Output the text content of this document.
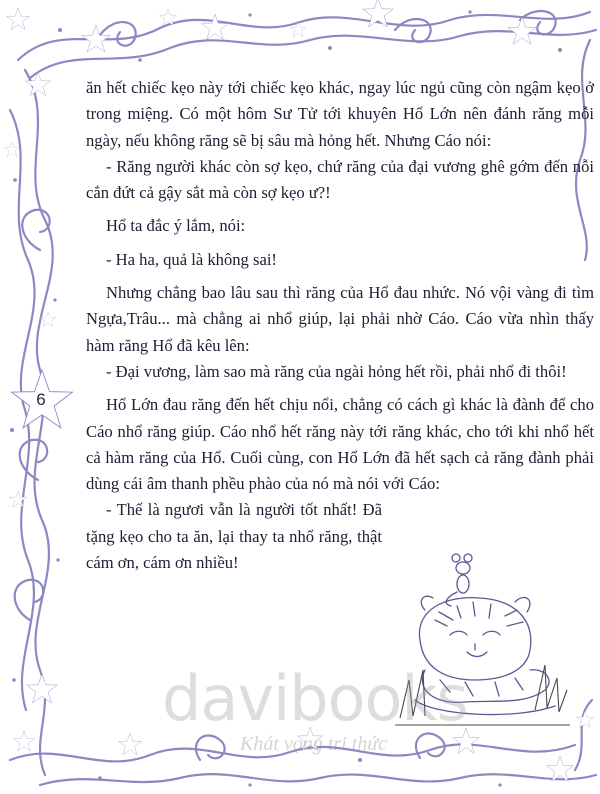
6

ăn hết chiếc kẹo này tới chiếc kẹo khác, ngay lúc ngủ cũng còn ngậm kẹo ở trong miệng. Có một hôm Sư Tử tới khuyên Hổ Lớn nên đánh răng mỗi ngày, nếu không răng sẽ bị sâu mà hỏng hết. Nhưng Cáo nói:

- Răng người khác còn sợ kẹo, chứ răng của đại vương ghê gớm đến nỗi cắn đứt cả gậy sắt mà còn sợ kẹo ư?!

Hổ ta đắc ý lắm, nói:

- Ha ha, quả là không sai!

Nhưng chẳng bao lâu sau thì răng của Hổ đau nhức. Nó vội vàng đi tìm Ngựa,Trâu... mà chẳng ai nhổ giúp, lại phải nhờ Cáo. Cáo vừa nhìn thấy hàm răng Hổ đã kêu lên:

- Đại vương, làm sao mà răng của ngài hỏng hết rồi, phải nhổ đi thôi!

Hổ Lớn đau răng đến hết chịu nổi, chẳng có cách gì khác là đành để cho Cáo nhổ răng giúp. Cáo nhổ hết răng này tới răng khác, cho tới khi nhổ hết cả hàm răng của Hổ. Cuối cùng, con Hổ Lớn đã hết sạch cả răng đành phải dùng cái âm thanh phều phào của nó mà nói với Cáo:

- Thế là ngươi vẫn là người tốt nhất! Đã tặng kẹo cho ta ăn, lại thay ta nhổ răng, thật cám ơn, cám ơn nhiều!

davibooks
Khát vọng tri thức
